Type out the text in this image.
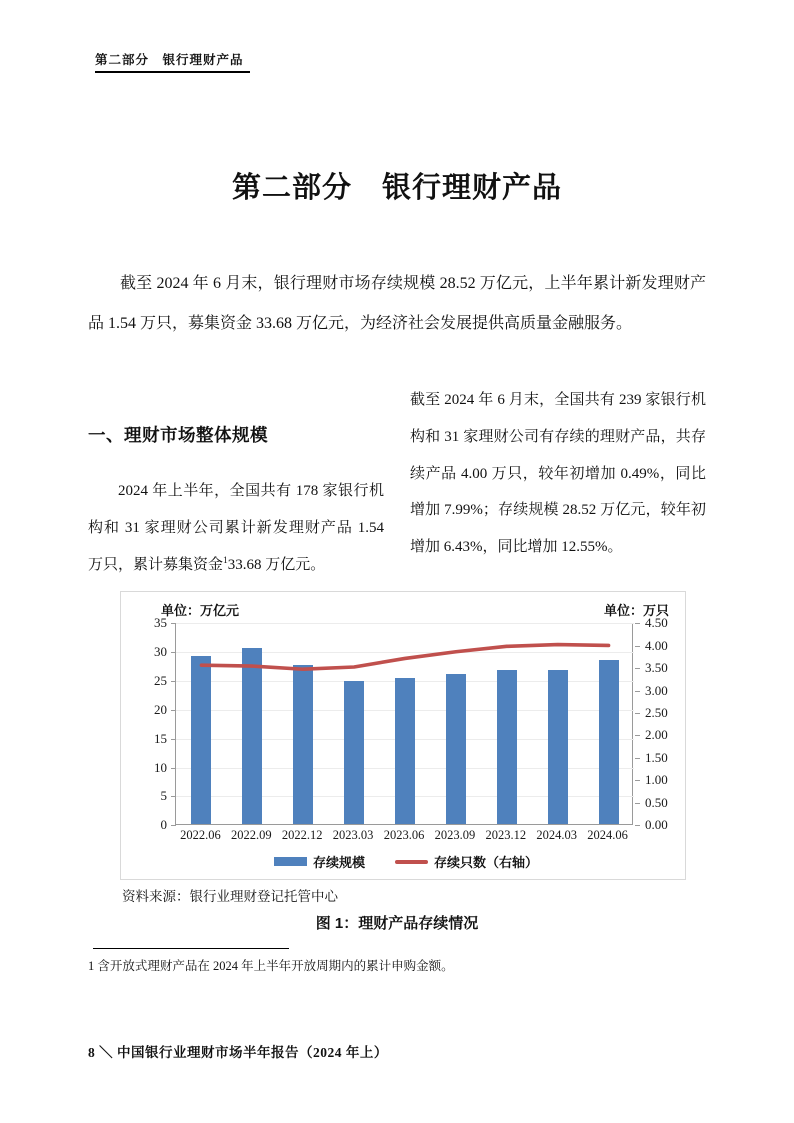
第二部分　银行理财产品
第二部分　银行理财产品

截至 2024 年 6 月末，银行理财市场存续规模 28.52 万亿元，上半年累计新发理财产品 1.54 万只，募集资金 33.68 万亿元，为经济社会发展提供高质量金融服务。

一、理财市场整体规模

2024 年上半年，全国共有 178 家银行机构和 31 家理财公司累计新发理财产品 1.54 万只，累计募集资金$^1$33.68 万亿元。

截至 2024 年 6 月末，全国共有 239 家银行机构和 31 家理财公司有存续的理财产品，共存续产品 4.00 万只，较年初增加 0.49%，同比增加 7.99%；存续规模 28.52 万亿元，较年初增加 6.43%，同比增加 12.55%。

单位：万亿元	单位：万只
35
30
25
20
15
10
5
0
4.50
4.00
3.50
3.00
2.50
2.00
1.50
1.00
0.50
0.00
2022.06 2022.09 2022.12 2023.03 2023.06 2023.09 2023.12 2024.03 2024.06
存续规模	存续只数（右轴）
资料来源：银行业理财登记托管中心
图 1：理财产品存续情况
1 含开放式理财产品在 2024 年上半年开放周期内的累计申购金额。
8 ＼ 中国银行业理财市场半年报告（2024 年上）
